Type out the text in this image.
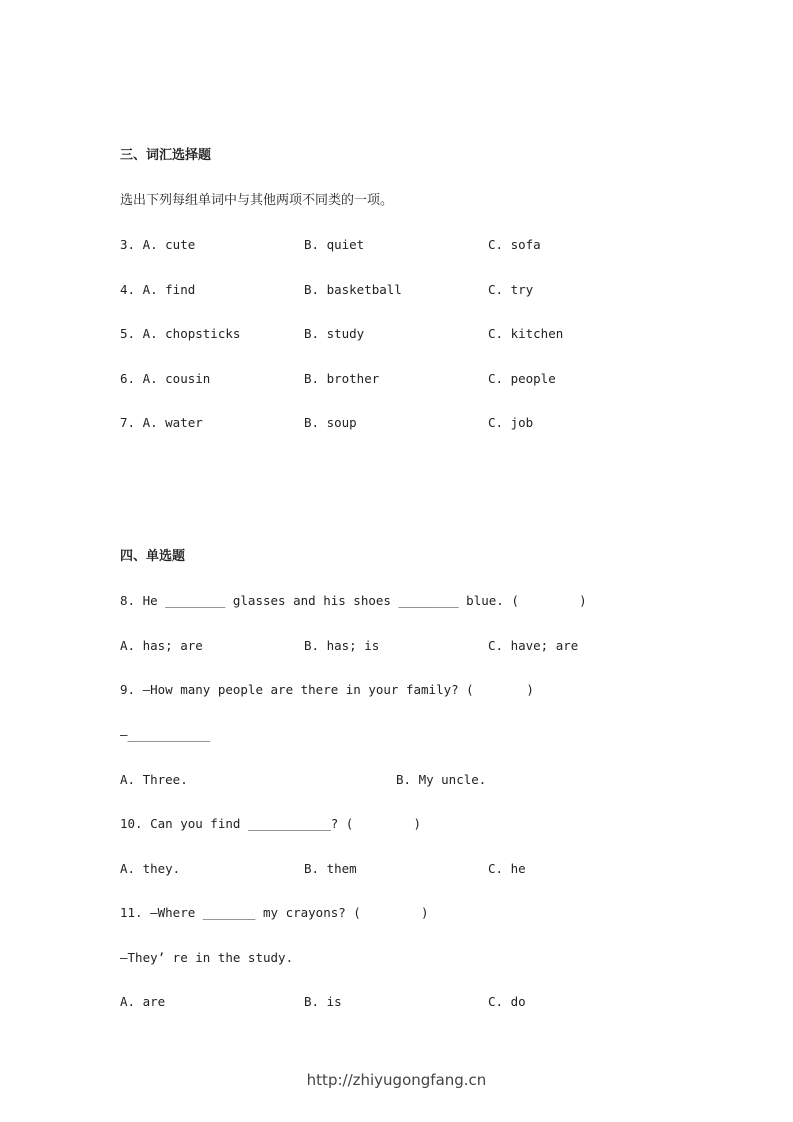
三、词汇选择题
选出下列每组单词中与其他两项不同类的一项。
3. A. cute	B. quiet	C. sofa
4. A. find	B. basketball	C. try
5. A. chopsticks	B. study	C. kitchen
6. A. cousin	B. brother	C. people
7. A. water	B. soup	C. job
四、单选题
8. He ________ glasses and his shoes ________ blue. (        )
A. has; are	B. has; is	C. have; are
9. —How many people are there in your family? (       )
—___________
A. Three.	B. My uncle.
10. Can you find ___________? (        )
A. they.	B. them	C. he
11. —Where _______ my crayons? (        )
—They’ re in the study.
A. are	B. is	C. do
http://zhiyugongfang.cn
